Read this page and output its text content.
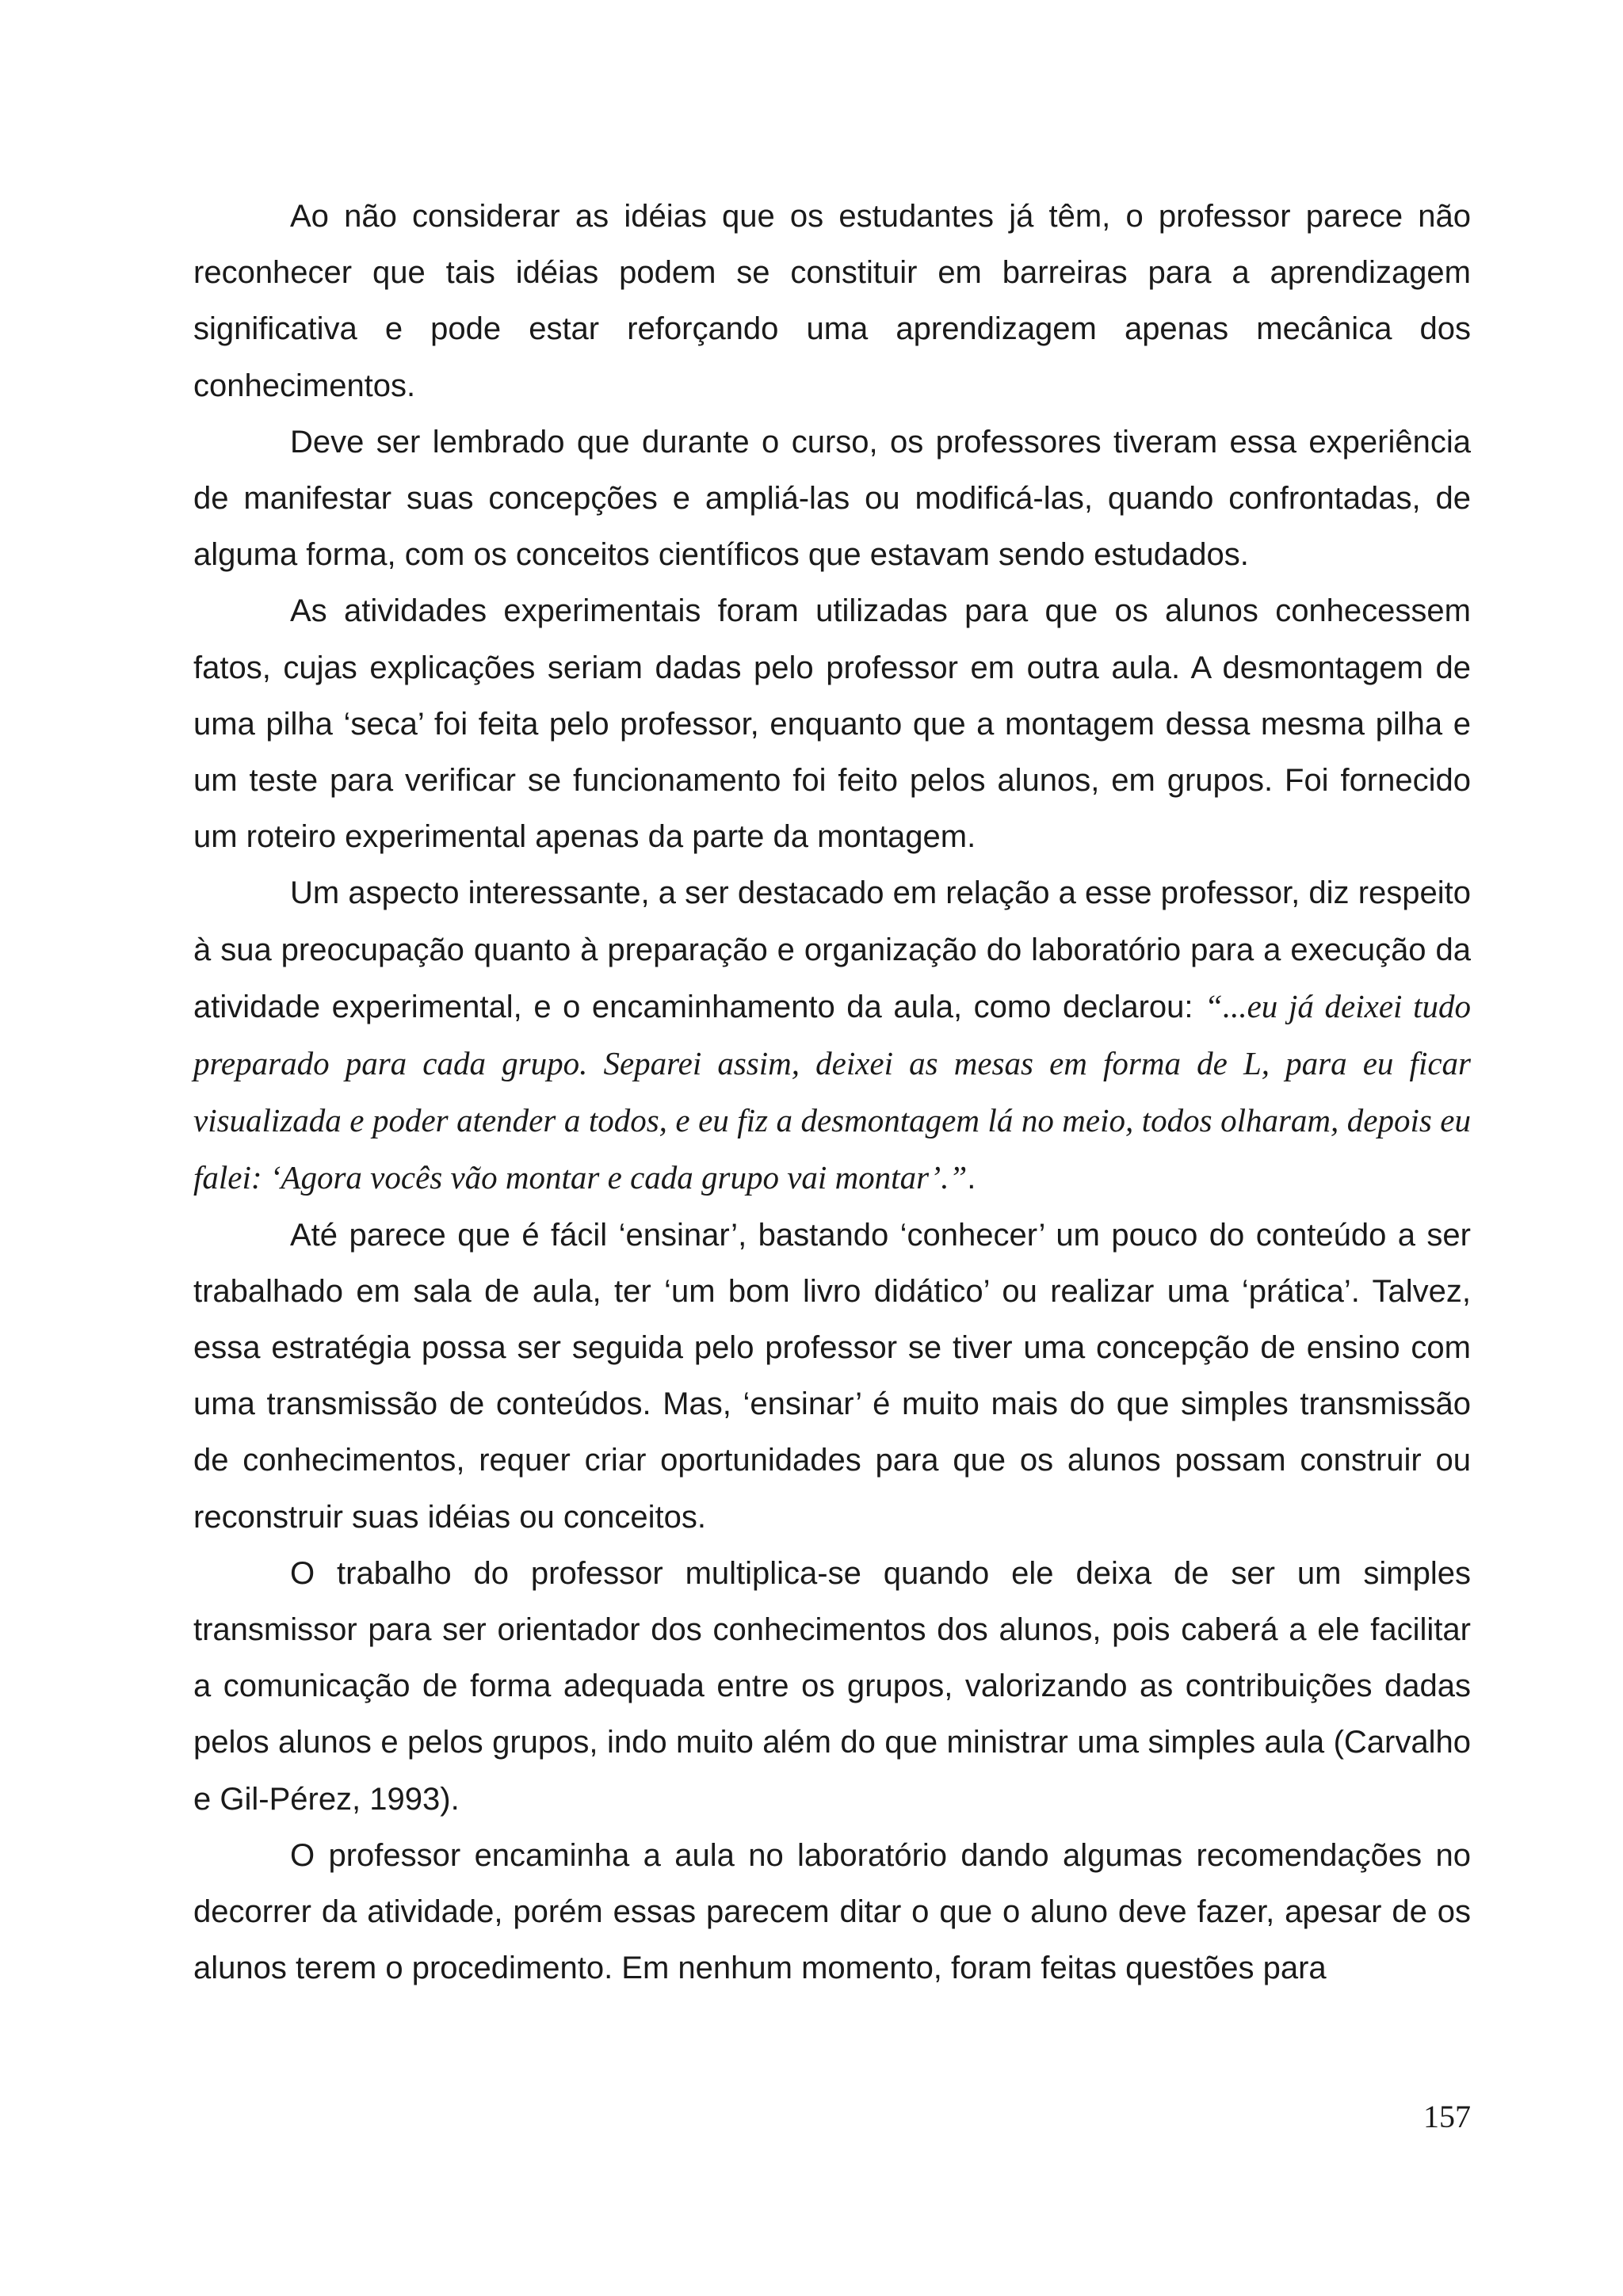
Ao não considerar as idéias que os estudantes já têm, o professor parece não reconhecer que tais idéias podem se constituir em barreiras para a aprendizagem significativa e pode estar reforçando uma aprendizagem apenas mecânica dos conhecimentos.

Deve ser lembrado que durante o curso, os professores tiveram essa experiência de manifestar suas concepções e ampliá-las ou modificá-las, quando confrontadas, de alguma forma, com os conceitos científicos que estavam sendo estudados.

As atividades experimentais foram utilizadas para que os alunos conhecessem fatos, cujas explicações seriam dadas pelo professor em outra aula. A desmontagem de uma pilha ‘seca’ foi feita pelo professor, enquanto que a montagem dessa mesma pilha e um teste para verificar se funcionamento foi feito pelos alunos, em grupos. Foi fornecido um roteiro experimental apenas da parte da montagem.

Um aspecto interessante, a ser destacado em relação a esse professor, diz respeito à sua preocupação quanto à preparação e organização do laboratório para a execução da atividade experimental, e o encaminhamento da aula, como declarou: “...eu já deixei tudo preparado para cada grupo. Separei assim, deixei as mesas em forma de L, para eu ficar visualizada e poder atender a todos, e eu fiz a desmontagem lá no meio, todos olharam, depois eu falei: ‘Agora vocês vão montar e cada grupo vai montar’.”.

Até parece que é fácil ‘ensinar’, bastando ‘conhecer’ um pouco do conteúdo a ser trabalhado em sala de aula, ter ‘um bom livro didático’ ou realizar uma ‘prática’. Talvez, essa estratégia possa ser seguida pelo professor se tiver uma concepção de ensino com uma transmissão de conteúdos. Mas, ‘ensinar’ é muito mais do que simples transmissão de conhecimentos, requer criar oportunidades para que os alunos possam construir ou reconstruir suas idéias ou conceitos.

O trabalho do professor multiplica-se quando ele deixa de ser um simples transmissor para ser orientador dos conhecimentos dos alunos, pois caberá a ele facilitar a comunicação de forma adequada entre os grupos, valorizando as contribuições dadas pelos alunos e pelos grupos, indo muito além do que ministrar uma simples aula (Carvalho e Gil-Pérez, 1993).

O professor encaminha a aula no laboratório dando algumas recomendações no decorrer da atividade, porém essas parecem ditar o que o aluno deve fazer, apesar de os alunos terem o procedimento. Em nenhum momento, foram feitas questões para

157
